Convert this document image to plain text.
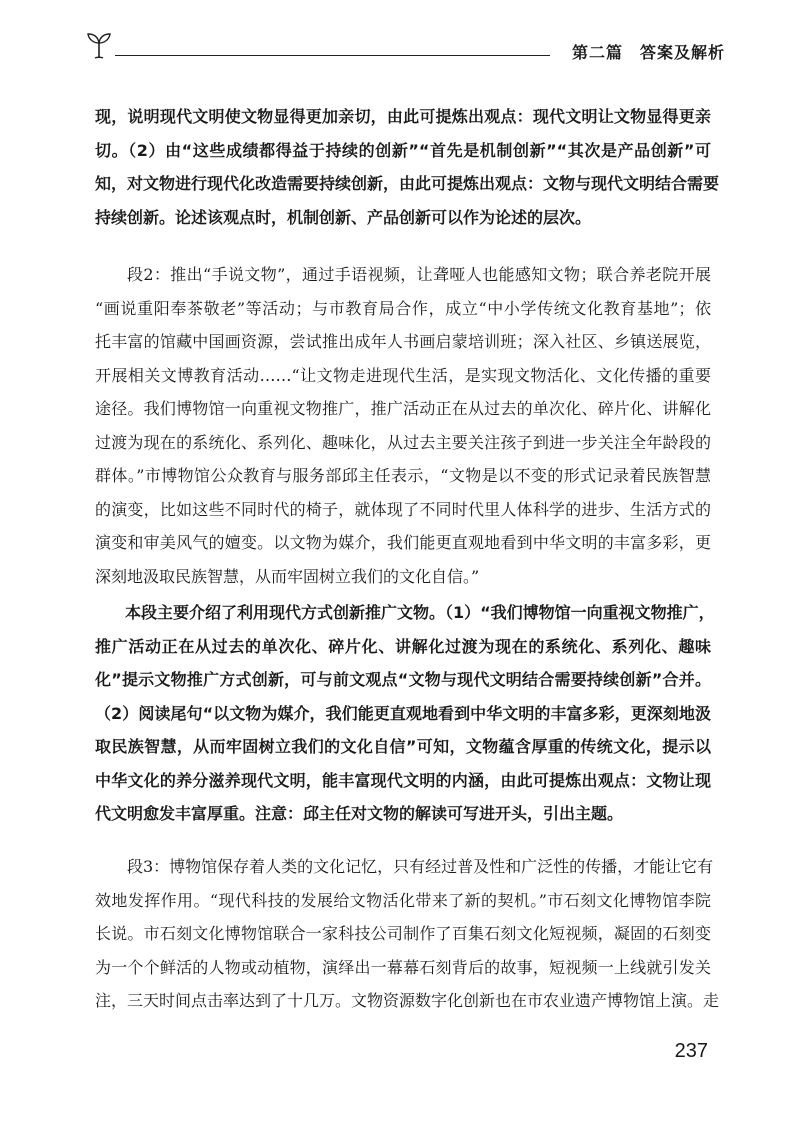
第二篇　答案及解析
现，说明现代文明使文物显得更加亲切，由此可提炼出观点：现代文明让文物显得更亲
切。（2）由“这些成绩都得益于持续的创新”“首先是机制创新”“其次是产品创新”可
知，对文物进行现代化改造需要持续创新，由此可提炼出观点：文物与现代文明结合需要
持续创新。论述该观点时，机制创新、产品创新可以作为论述的层次。
段2：推出“手说文物”，通过手语视频，让聋哑人也能感知文物；联合养老院开展
“画说重阳奉茶敬老”等活动；与市教育局合作，成立“中小学传统文化教育基地”；依
托丰富的馆藏中国画资源，尝试推出成年人书画启蒙培训班；深入社区、乡镇送展览，
开展相关文博教育活动……“让文物走进现代生活，是实现文物活化、文化传播的重要
途径。我们博物馆一向重视文物推广，推广活动正在从过去的单次化、碎片化、讲解化
过渡为现在的系统化、系列化、趣味化，从过去主要关注孩子到进一步关注全年龄段的
群体。”市博物馆公众教育与服务部邱主任表示，“文物是以不变的形式记录着民族智慧
的演变，比如这些不同时代的椅子，就体现了不同时代里人体科学的进步、生活方式的
演变和审美风气的嬗变。以文物为媒介，我们能更直观地看到中华文明的丰富多彩，更
深刻地汲取民族智慧，从而牢固树立我们的文化自信。”
本段主要介绍了利用现代方式创新推广文物。（1）“我们博物馆一向重视文物推广，
推广活动正在从过去的单次化、碎片化、讲解化过渡为现在的系统化、系列化、趣味
化”提示文物推广方式创新，可与前文观点“文物与现代文明结合需要持续创新”合并。
（2）阅读尾句“以文物为媒介，我们能更直观地看到中华文明的丰富多彩，更深刻地汲
取民族智慧，从而牢固树立我们的文化自信”可知，文物蕴含厚重的传统文化，提示以
中华文化的养分滋养现代文明，能丰富现代文明的内涵，由此可提炼出观点：文物让现
代文明愈发丰富厚重。注意：邱主任对文物的解读可写进开头，引出主题。
段3：博物馆保存着人类的文化记忆，只有经过普及性和广泛性的传播，才能让它有
效地发挥作用。“现代科技的发展给文物活化带来了新的契机。”市石刻文化博物馆李院
长说。市石刻文化博物馆联合一家科技公司制作了百集石刻文化短视频，凝固的石刻变
为一个个鲜活的人物或动植物，演绎出一幕幕石刻背后的故事，短视频一上线就引发关
注，三天时间点击率达到了十几万。文物资源数字化创新也在市农业遗产博物馆上演。走
237
